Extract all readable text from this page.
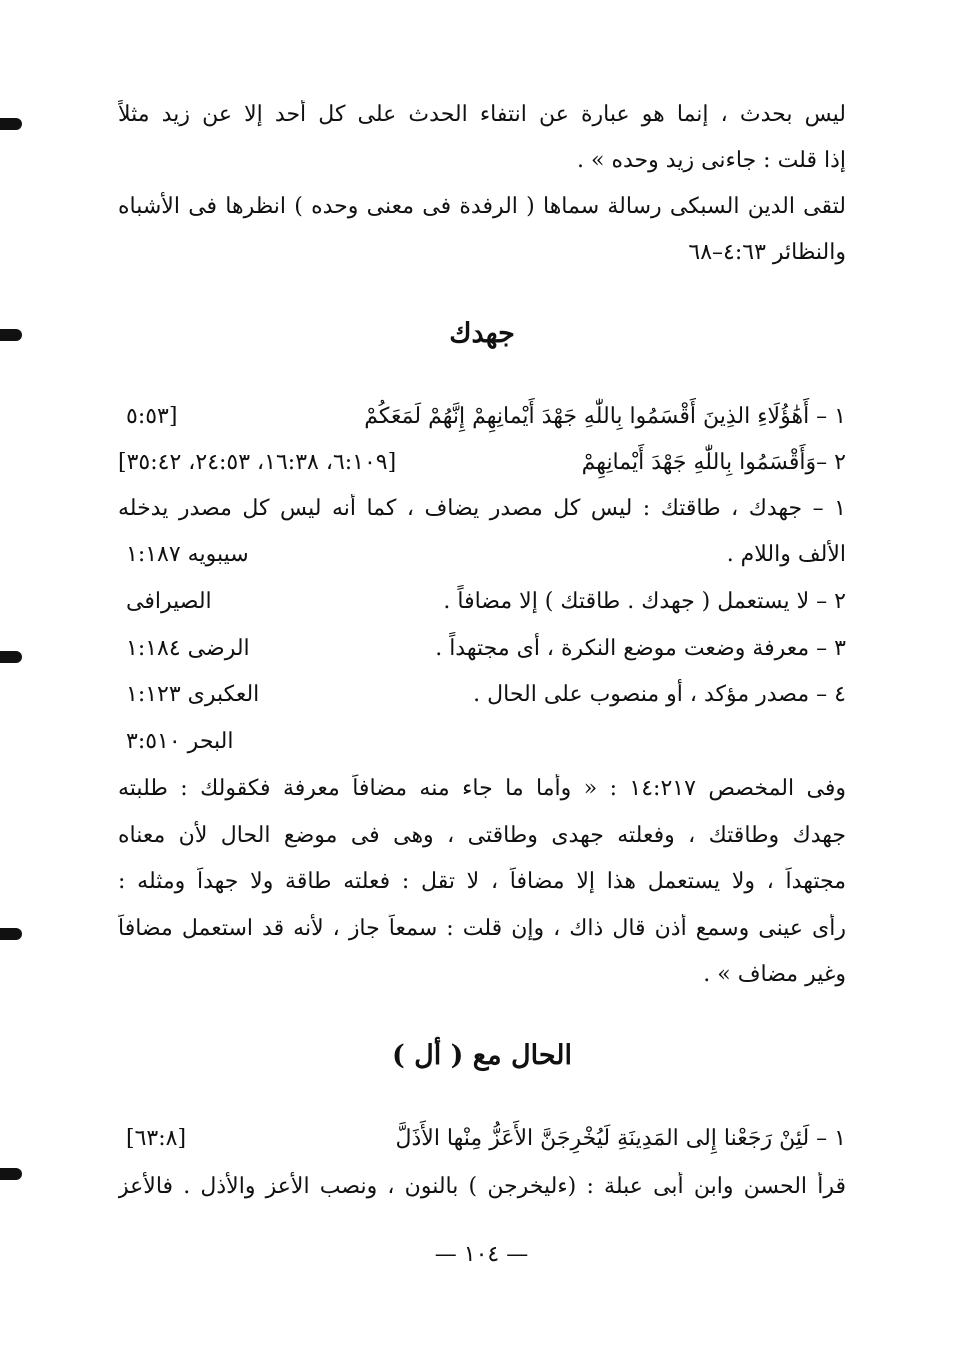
ليس بحدث ، إنما هو عبارة عن انتفاء الحدث على كل أحد إلا عن زيد مثلاً
إذا قلت : جاءنى زيد وحده » .
لتقى الدين السبكى رسالة سماها ( الرفدة فى معنى وحده ) انظرها فى الأشباه
والنظائر ٤:٦٣–٦٨
جهدك
١ – أَهَٰؤُلَاءِ الذِينَ أَقْسَمُوا بِاللّٰهِ جَهْدَ أَيْمانِهِمْ إِنَّهُمْ لَمَعَكُمْ
[٥:٥٣
٢ –وَأَقْسَمُوا بِاللّٰهِ جَهْدَ أَيْمانِهِمْ
[٦:١٠٩، ١٦:٣٨، ٢٤:٥٣، ٣٥:٤٢]
١ – جهدك ، طاقتك : ليس كل مصدر يضاف ، كما أنه ليس كل مصدر يدخله
الألف واللام .
سيبويه ١:١٨٧
٢ – لا يستعمل ( جهدك . طاقتك ) إلا مضافاً .
الصيرافى
٣ – معرفة وضعت موضع النكرة ، أى مجتهداً .
الرضى ١:١٨٤
٤ – مصدر مؤكد ، أو منصوب على الحال .
العكبرى ١:١٢٣
البحر ٣:٥١٠
وفى المخصص ١٤:٢١٧ : « وأما ما جاء منه مضافاً معرفة فكقولك : طلبته
جهدك وطاقتك ، وفعلته جهدى وطاقتى ، وهى فى موضع الحال لأن معناه
مجتهداً ، ولا يستعمل هذا إلا مضافاً ، لا تقل : فعلته طاقة ولا جهداً ومثله :
رأى عينى وسمع أذن قال ذاك ، وإن قلت : سمعاً جاز ، لأنه قد استعمل مضافاً
وغير مضاف » .
الحال مع ( أل )
١ – لَئِنْ رَجَعْنا إِلى المَدِينَةِ لَيُخْرِجَنَّ الأَعَزُّ مِنْها الأَذَلَّ
[٦٣:٨]
قرأ الحسن وابن أبى عبلة : (ءليخرجن ) بالنون ، ونصب الأعز والأذل . فالأعز
— ١٠٤ —
